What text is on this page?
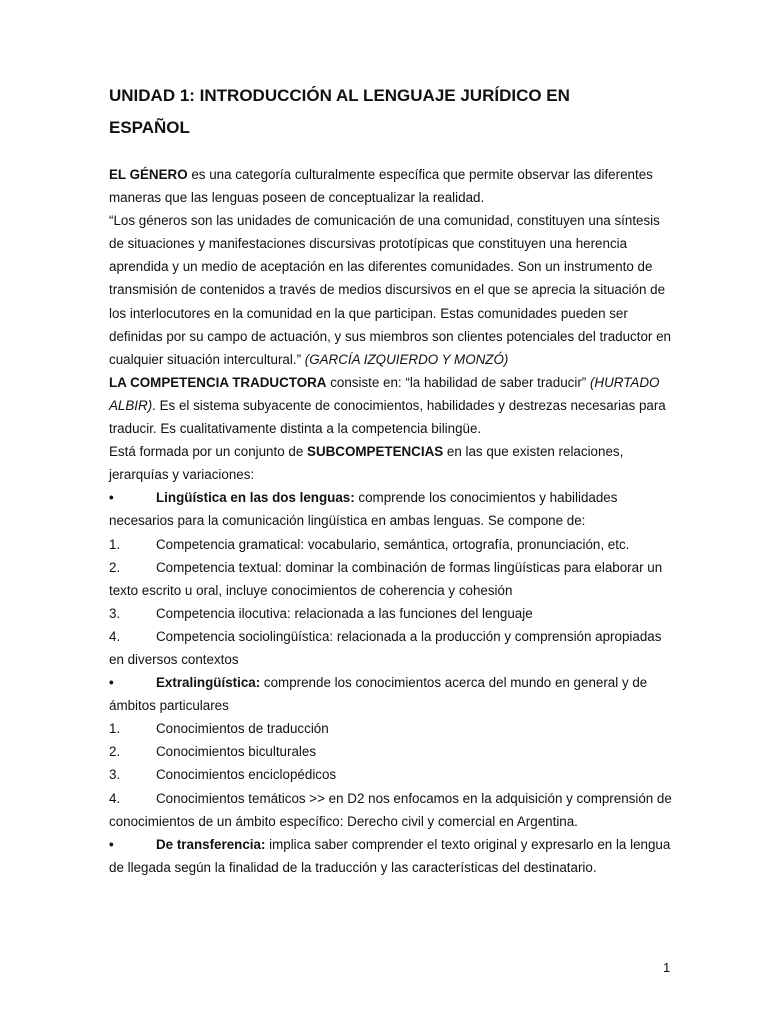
UNIDAD 1: INTRODUCCIÓN AL LENGUAJE JURÍDICO EN ESPAÑOL

EL GÉNERO es una categoría culturalmente específica que permite observar las diferentes maneras que las lenguas poseen de conceptualizar la realidad.

“Los géneros son las unidades de comunicación de una comunidad, constituyen una síntesis de situaciones y manifestaciones discursivas prototípicas que constituyen una herencia aprendida y un medio de aceptación en las diferentes comunidades. Son un instrumento de transmisión de contenidos a través de medios discursivos en el que se aprecia la situación de los interlocutores en la comunidad en la que participan. Estas comunidades pueden ser definidas por su campo de actuación, y sus miembros son clientes potenciales del traductor en cualquier situación intercultural.” (GARCÍA IZQUIERDO Y MONZÓ)

LA COMPETENCIA TRADUCTORA consiste en: “la habilidad de saber traducir” (HURTADO ALBIR). Es el sistema subyacente de conocimientos, habilidades y destrezas necesarias para traducir. Es cualitativamente distinta a la competencia bilingüe.

Está formada por un conjunto de SUBCOMPETENCIAS en las que existen relaciones, jerarquías y variaciones:

•	Lingüística en las dos lenguas: comprende los conocimientos y habilidades necesarios para la comunicación lingüística en ambas lenguas. Se compone de:

1.	Competencia gramatical: vocabulario, semántica, ortografía, pronunciación, etc.

2.	Competencia textual: dominar la combinación de formas lingüísticas para elaborar un texto escrito u oral, incluye conocimientos de coherencia y cohesión

3.	Competencia ilocutiva: relacionada a las funciones del lenguaje

4.	Competencia sociolingüística: relacionada a la producción y comprensión apropiadas en diversos contextos

•	Extralingüística: comprende los conocimientos acerca del mundo en general y de ámbitos particulares

1.	Conocimientos de traducción

2.	Conocimientos biculturales

3.	Conocimientos enciclopédicos

4.	Conocimientos temáticos >> en D2 nos enfocamos en la adquisición y comprensión de conocimientos de un ámbito específico: Derecho civil y comercial en Argentina.

•	De transferencia: implica saber comprender el texto original y expresarlo en la lengua de llegada según la finalidad de la traducción y las características del destinatario.

1
